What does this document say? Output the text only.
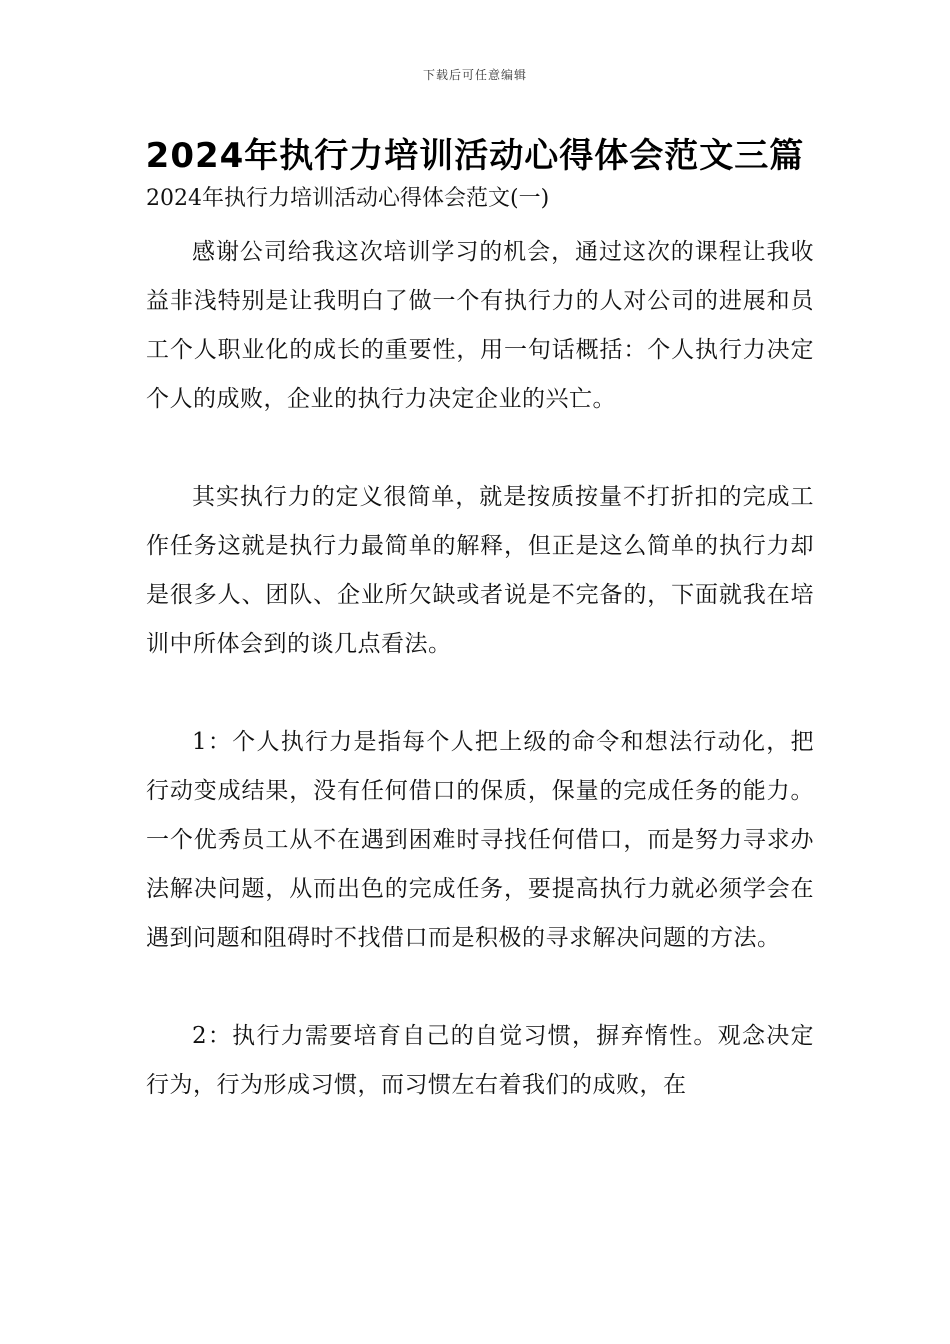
下载后可任意编辑
2024年执行力培训活动心得体会范文三篇
2024年执行力培训活动心得体会范文(一)

感谢公司给我这次培训学习的机会，通过这次的课程让我收益非浅特别是让我明白了做一个有执行力的人对公司的进展和员工个人职业化的成长的重要性，用一句话概括：个人执行力决定个人的成败，企业的执行力决定企业的兴亡。

其实执行力的定义很简单，就是按质按量不打折扣的完成工作任务这就是执行力最简单的解释，但正是这么简单的执行力却是很多人、团队、企业所欠缺或者说是不完备的，下面就我在培训中所体会到的谈几点看法。

1：个人执行力是指每个人把上级的命令和想法行动化，把行动变成结果，没有任何借口的保质，保量的完成任务的能力。一个优秀员工从不在遇到困难时寻找任何借口，而是努力寻求办法解决问题，从而出色的完成任务，要提高执行力就必须学会在遇到问题和阻碍时不找借口而是积极的寻求解决问题的方法。

2：执行力需要培育自己的自觉习惯，摒弃惰性。观念决定行为，行为形成习惯，而习惯左右着我们的成败，在
